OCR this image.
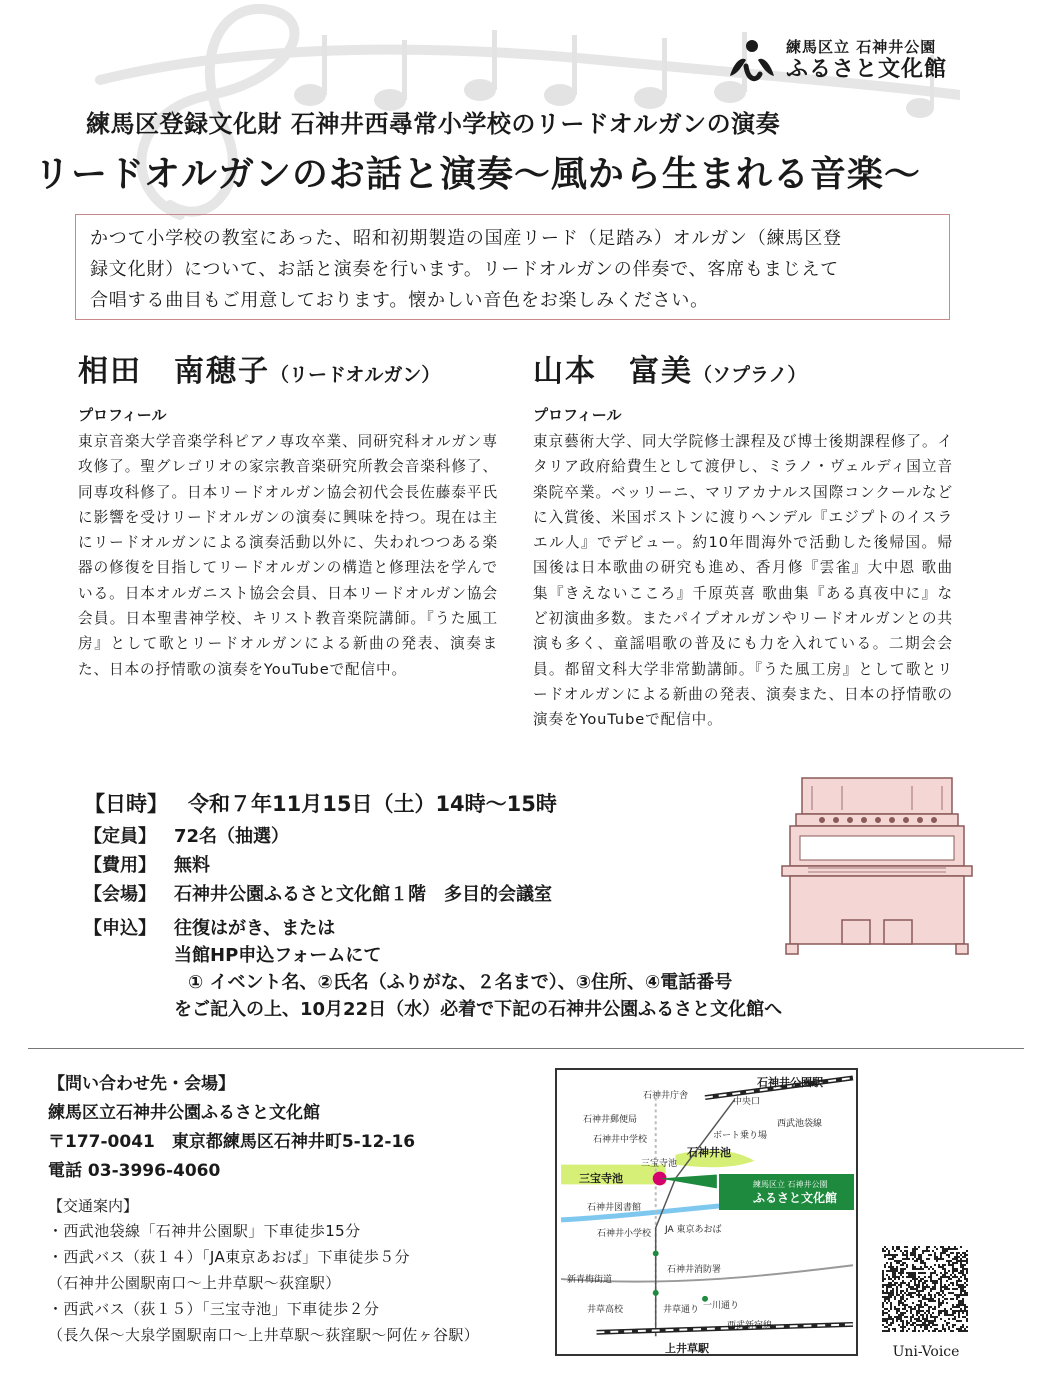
練馬区立 石神井公園
ふるさと文化館
練馬区登録文化財 石神井西尋常小学校のリードオルガンの演奏
リードオルガンのお話と演奏～風から生まれる音楽～
かつて小学校の教室にあった、昭和初期製造の国産リード（足踏み）オルガン（練馬区登
録文化財）について、お話と演奏を行います。リードオルガンの伴奏で、客席もまじえて
合唱する曲目もご用意しております。懐かしい音色をお楽しみください。
相田　南穂子（リードオルガン）
プロフィール
東京音楽大学音楽学科ピアノ専攻卒業、同研究科オルガン専攻修了。聖グレゴリオの家宗教音楽研究所教会音楽科修了、同専攻科修了。日本リードオルガン協会初代会長佐藤泰平氏に影響を受けリードオルガンの演奏に興味を持つ。現在は主にリードオルガンによる演奏活動以外に、失われつつある楽器の修復を目指してリードオルガンの構造と修理法を学んでいる。日本オルガニスト協会会員、日本リードオルガン協会会員。日本聖書神学校、キリスト教音楽院講師。『うた風工房』として歌とリードオルガンによる新曲の発表、演奏また、日本の抒情歌の演奏をYouTubeで配信中。
山本　富美（ソプラノ）
プロフィール
東京藝術大学、同大学院修士課程及び博士後期課程修了。イタリア政府給費生として渡伊し、ミラノ・ヴェルディ国立音楽院卒業。ベッリーニ、マリアカナルス国際コンクールなどに入賞後、米国ボストンに渡りヘンデル『エジプトのイスラエル人』でデビュー。約10年間海外で活動した後帰国。帰国後は日本歌曲の研究も進め、香月修『雲雀』大中恩 歌曲集『きえないこころ』千原英喜 歌曲集『ある真夜中に』など初演曲多数。またパイプオルガンやリードオルガンとの共演も多く、童謡唱歌の普及にも力を入れている。二期会会員。都留文科大学非常勤講師。『うた風工房』として歌とリードオルガンによる新曲の発表、演奏また、日本の抒情歌の演奏をYouTubeで配信中。
【日時】 令和７年11月15日（土）14時～15時
【定員】	72名（抽選）
【費用】	無料
【会場】	石神井公園ふるさと文化館１階　多目的会議室
【申込】 往復はがき、または
当館HP申込フォームにて
① イベント名、②氏名（ふりがな、２名まで）、③住所、④電話番号
をご記入の上、10月22日（水）必着で下記の石神井公園ふるさと文化館へ
【問い合わせ先・会場】
練馬区立石神井公園ふるさと文化館
〒177-0041　東京都練馬区石神井町5-12-16
電話 03-3996-4060
【交通案内】
・西武池袋線「石神井公園駅」下車徒歩15分
・西武バス（荻１４）「JA東京あおば」下車徒歩５分
（石神井公園駅南口～上井草駅～荻窪駅）
・西武バス（荻１５）「三宝寺池」下車徒歩２分
（長久保～大泉学園駅南口～上井草駅～荻窪駅～阿佐ヶ谷駅）
石神井公園駅
石神井庁舎
中央口
石神井郵便局	西武池袋線
石神井中学校	ボート乗り場
石神井池
三宝寺池
三宝寺池
石神井図書館
石神井小学校 JA 東京あおば
石神井消防署
新青梅街道
井草高校	井草通り 一川通り
西武新宿線
上井草駅
練馬区立 石神井公園
ふるさと文化館
Uni-Voice
